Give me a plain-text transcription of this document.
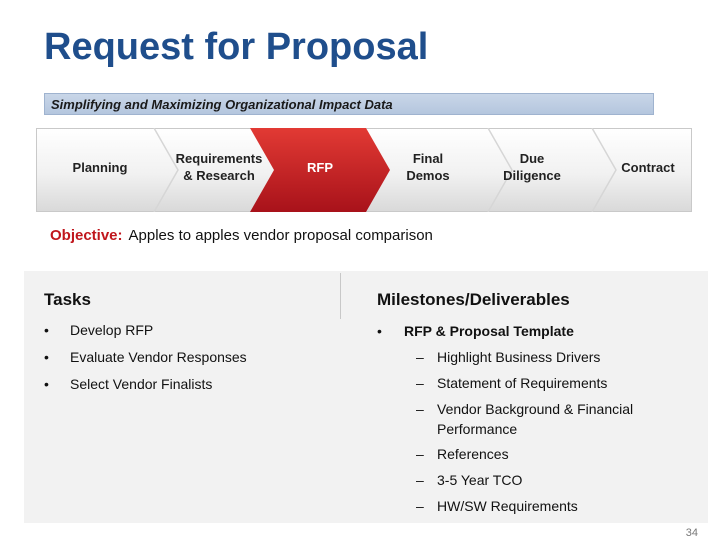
Request for Proposal
Simplifying and Maximizing Organizational Impact Data
Planning
Requirements
& Research
RFP
Final
Demos
Due
Diligence
Contract
Objective: Apples to apples vendor proposal comparison
Tasks
• Develop RFP
• Evaluate Vendor Responses
• Select Vendor Finalists
Milestones/Deliverables
• RFP & Proposal Template
– Highlight Business Drivers
– Statement of Requirements
– Vendor Background & Financial
Performance
– References
– 3-5 Year TCO
– HW/SW Requirements
34
